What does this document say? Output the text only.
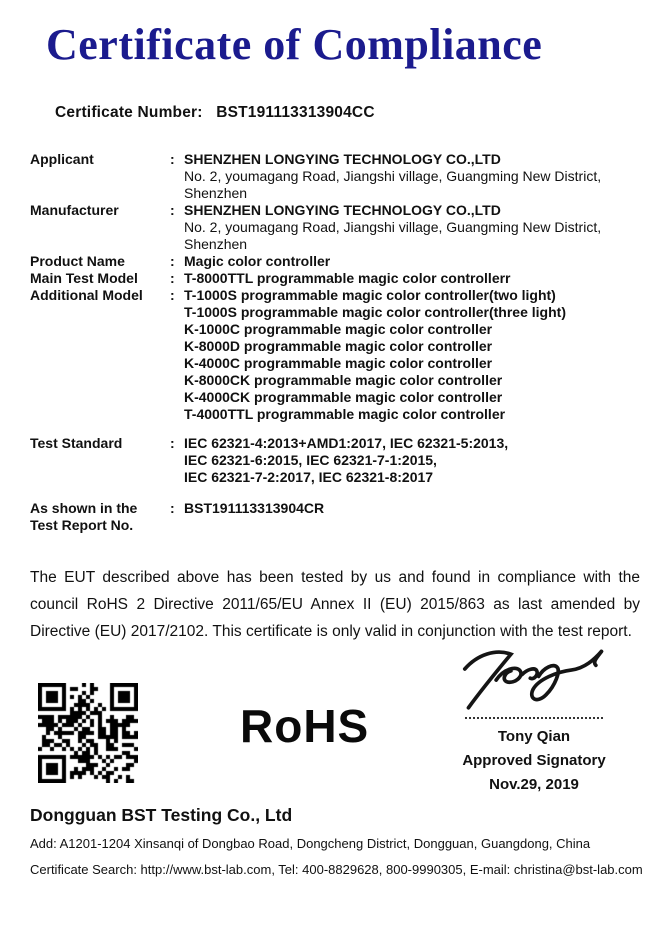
Certificate of Compliance
Certificate Number: BST191113313904CC
Applicant	: SHENZHEN LONGYING TECHNOLOGY CO.,LTD
No. 2, youmagang Road, Jiangshi village, Guangming New District,
Shenzhen
Manufacturer	: SHENZHEN LONGYING TECHNOLOGY CO.,LTD
No. 2, youmagang Road, Jiangshi village, Guangming New District,
Shenzhen
Product Name	: Magic color controller
Main Test Model	: T-8000TTL programmable magic color controllerr
Additional Model	: T-1000S programmable magic color controller(two light)
T-1000S programmable magic color controller(three light)
K-1000C programmable magic color controller
K-8000D programmable magic color controller
K-4000C programmable magic color controller
K-8000CK programmable magic color controller
K-4000CK programmable magic color controller
T-4000TTL programmable magic color controller
Test Standard	: IEC 62321-4:2013+AMD1:2017, IEC 62321-5:2013,
IEC 62321-6:2015, IEC 62321-7-1:2015,
IEC 62321-7-2:2017, IEC 62321-8:2017
As shown in the
Test Report No.
: BST191113313904CR
The EUT described above has been tested by us and found in compliance with the council RoHS 2 Directive 2011/65/EU Annex II (EU) 2015/863 as last amended by Directive (EU) 2017/2102. This certificate is only valid in conjunction with the test report.
RoHS	Tony Qian
Approved Signatory
Nov.29, 2019
Dongguan BST Testing Co., Ltd
Add: A1201-1204 Xinsanqi of Dongbao Road, Dongcheng District, Dongguan, Guangdong, China
Certificate Search: http://www.bst-lab.com, Tel: 400-8829628, 800-9990305, E-mail: christina@bst-lab.com
